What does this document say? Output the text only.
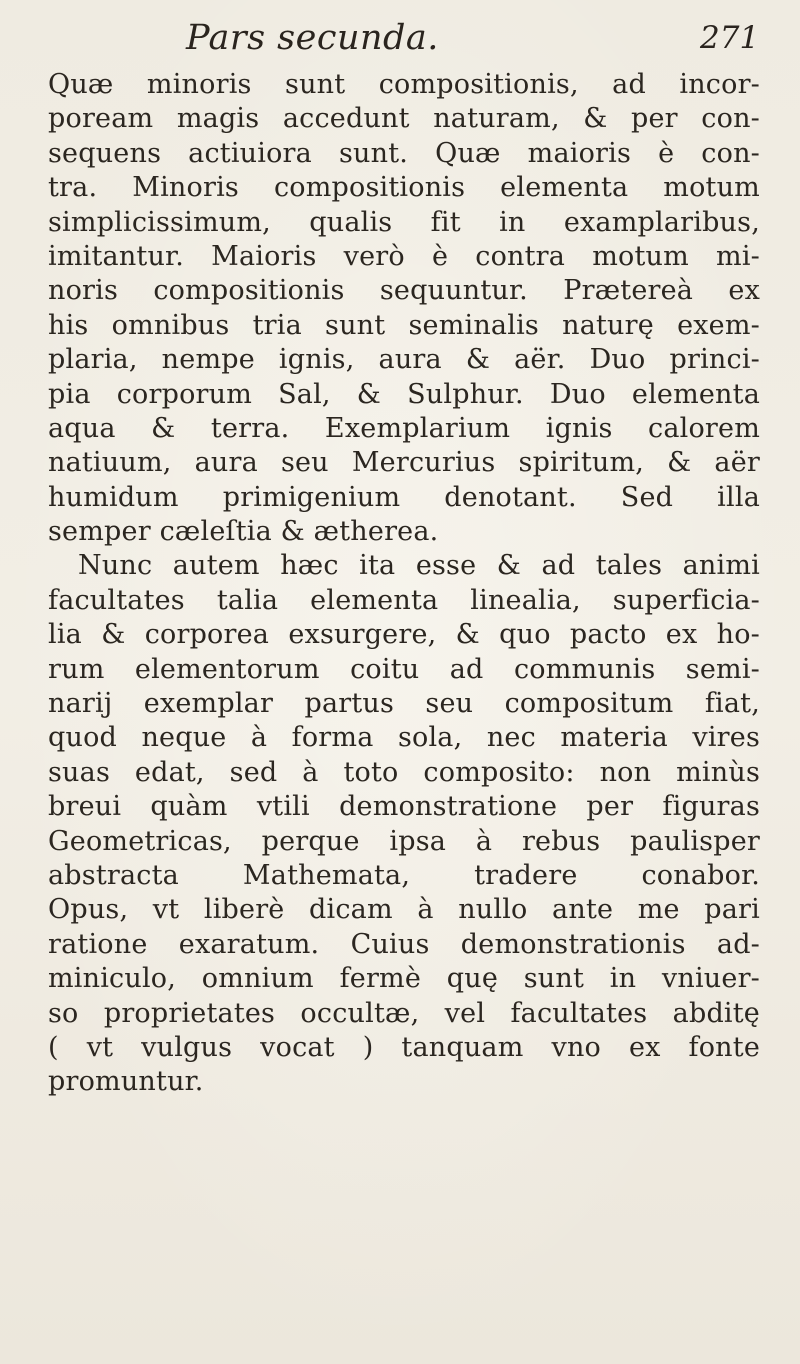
Pars secunda.	271
Quæ minoris sunt compositionis, ad incor-
poream magis accedunt naturam, & per con-
sequens actiuiora sunt. Quæ maioris è con-
tra. Minoris compositionis elementa motum
simplicissimum, qualis fit in examplaribus,
imitantur. Maioris verò è contra motum mi-
noris compositionis sequuntur. Prætereà ex
his omnibus tria sunt seminalis naturę exem-
plaria, nempe ignis, aura & aër. Duo princi-
pia corporum Sal, & Sulphur. Duo elementa
aqua & terra. Exemplarium ignis calorem
natiuum, aura seu Mercurius spiritum, & aër
humidum primigenium denotant. Sed illa
semper cæleſtia & ætherea.
Nunc autem hæc ita esse & ad tales animi
facultates talia elementa linealia, superficia-
lia & corporea exsurgere, & quo pacto ex ho-
rum elementorum coitu ad communis semi-
narij exemplar partus seu compositum fiat,
quod neque à forma sola, nec materia vires
suas edat, sed à toto composito: non minùs
breui quàm vtili demonstratione per figuras
Geometricas, perque ipsa à rebus paulisper
abstracta Mathemata, tradere conabor.
Opus, vt liberè dicam à nullo ante me pari
ratione exaratum. Cuius demonstrationis ad-
miniculo, omnium fermè quę sunt in vniuer-
so proprietates occultæ, vel facultates abditę
( vt vulgus vocat ) tanquam vno ex fonte
promuntur.
